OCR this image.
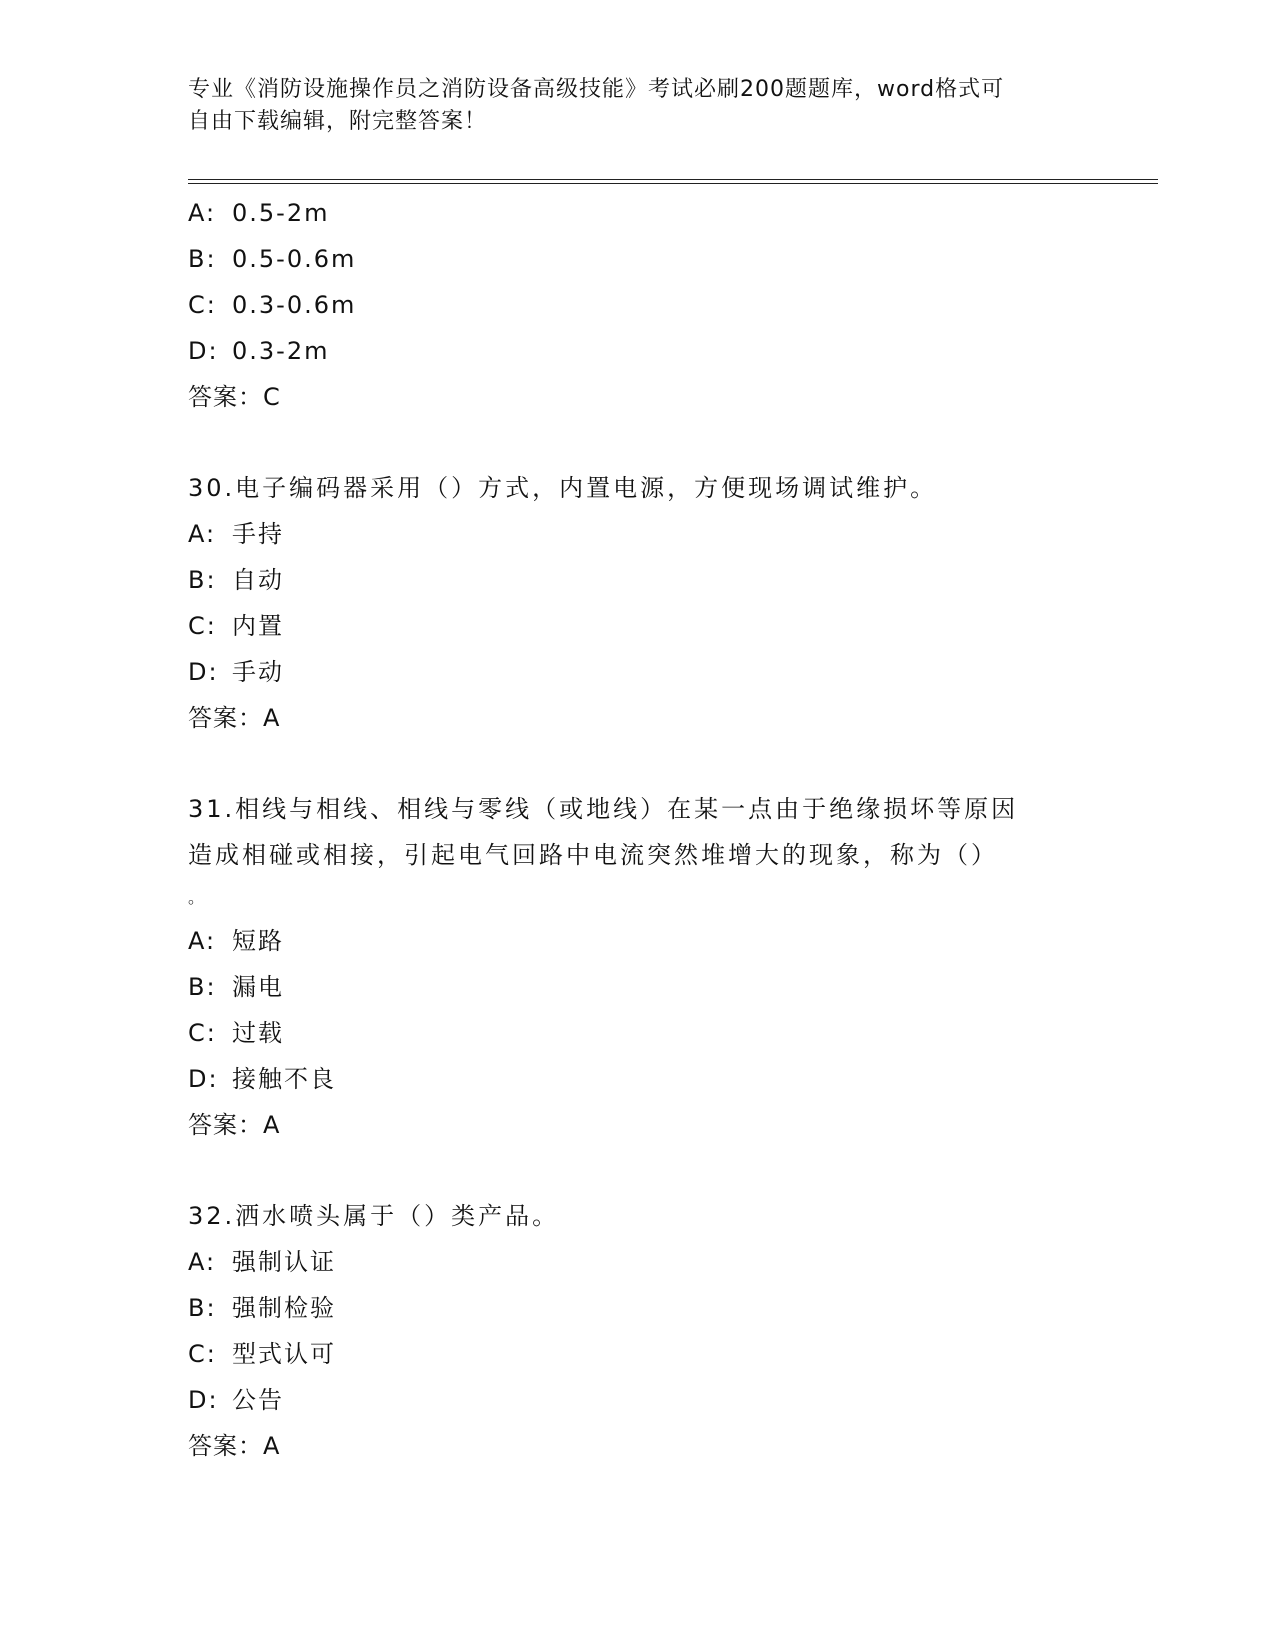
专业《消防设施操作员之消防设备高级技能》考试必刷200题题库，word格式可
自由下载编辑，附完整答案！
A: 0.5-2m
B: 0.5-0.6m
C: 0.3-0.6m
D: 0.3-2m
答案：C
30.电子编码器采用（）方式，内置电源，方便现场调试维护。
A: 手持
B: 自动
C: 内置
D: 手动
答案：A
31.相线与相线、相线与零线（或地线）在某一点由于绝缘损坏等原因
造成相碰或相接，引起电气回路中电流突然堆增大的现象，称为（）
。
A: 短路
B: 漏电
C: 过载
D: 接触不良
答案：A
32.洒水喷头属于（）类产品。
A: 强制认证
B: 强制检验
C: 型式认可
D: 公告
答案：A
